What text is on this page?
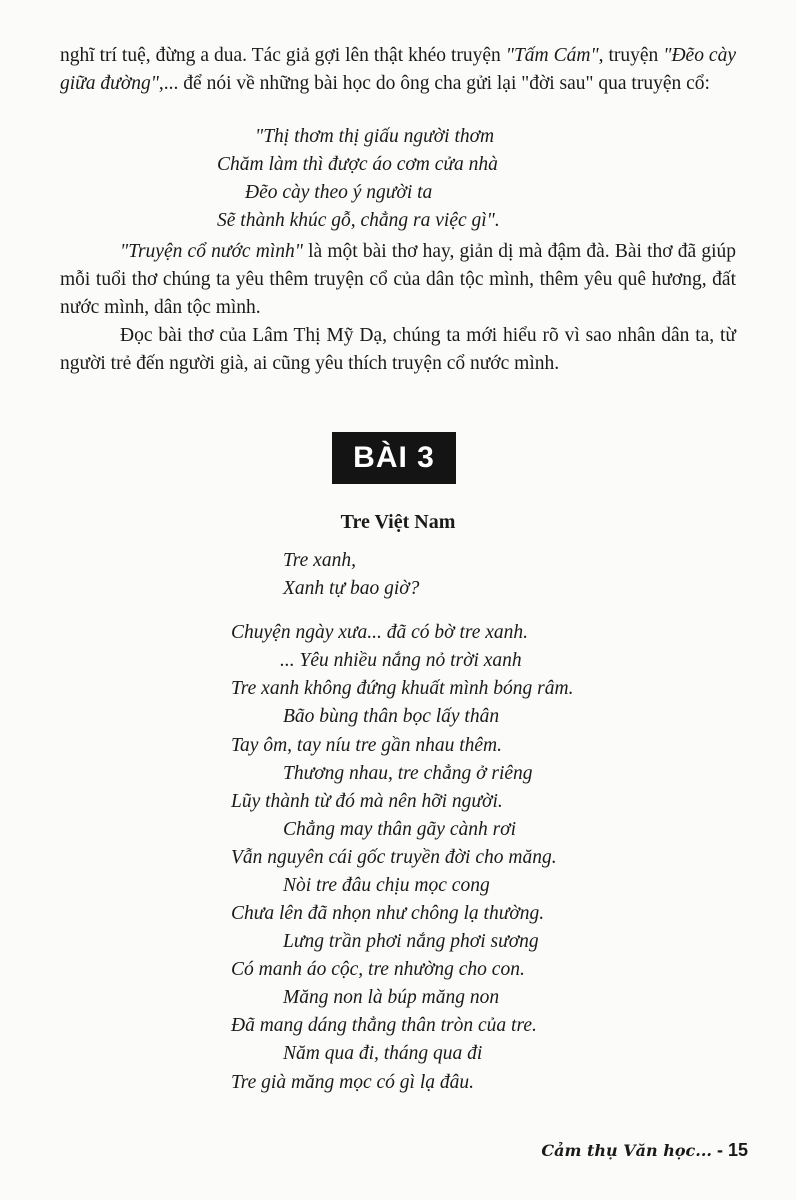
nghĩ trí tuệ, đừng a dua. Tác giả gợi lên thật khéo truyện "Tấm Cám", truyện "Đẽo cày giữa đường",... để nói về những bài học do ông cha gửi lại "đời sau" qua truyện cổ:

"Thị thơm thị giấu người thơm
Chăm làm thì được áo cơm cửa nhà
Đẽo cày theo ý người ta
Sẽ thành khúc gỗ, chẳng ra việc gì".

"Truyện cổ nước mình" là một bài thơ hay, giản dị mà đậm đà. Bài thơ đã giúp mỗi tuổi thơ chúng ta yêu thêm truyện cổ của dân tộc mình, thêm yêu quê hương, đất nước mình, dân tộc mình.

Đọc bài thơ của Lâm Thị Mỹ Dạ, chúng ta mới hiểu rõ vì sao nhân dân ta, từ người trẻ đến người già, ai cũng yêu thích truyện cổ nước mình.

BÀI 3
Tre Việt Nam
Tre xanh,
Xanh tự bao giờ?
Chuyện ngày xưa... đã có bờ tre xanh.
... Yêu nhiều nắng nỏ trời xanh
Tre xanh không đứng khuất mình bóng râm.
Bão bùng thân bọc lấy thân
Tay ôm, tay níu tre gần nhau thêm.
Thương nhau, tre chẳng ở riêng
Lũy thành từ đó mà nên hỡi người.
Chẳng may thân gãy cành rơi
Vẫn nguyên cái gốc truyền đời cho măng.
Nòi tre đâu chịu mọc cong
Chưa lên đã nhọn như chông lạ thường.
Lưng trần phơi nắng phơi sương
Có manh áo cộc, tre nhường cho con.
Măng non là búp măng non
Đã mang dáng thẳng thân tròn của tre.
Năm qua đi, tháng qua đi
Tre già măng mọc có gì lạ đâu.
Cảm thụ Văn học... - 15
